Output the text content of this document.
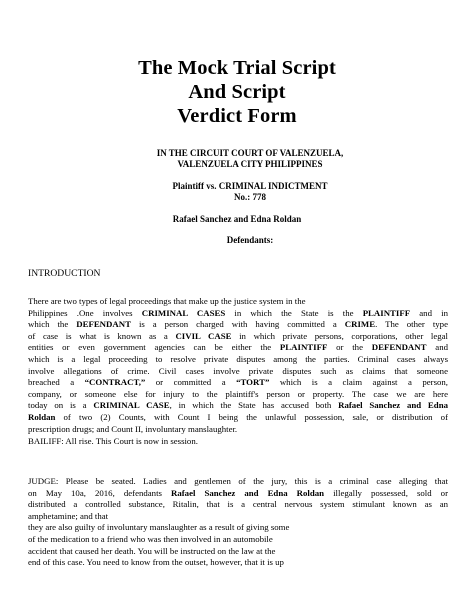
The Mock Trial Script
And Script
Verdict Form
IN THE CIRCUIT COURT OF VALENZUELA,
VALENZUELA CITY PHILIPPINES
Plaintiff vs. CRIMINAL INDICTMENT
No.: 778
Rafael Sanchez and Edna Roldan
Defendants:
INTRODUCTION
There are two types of legal proceedings that make up the justice system in the
Philippines .One involves CRIMINAL CASES in which the State is the PLAINTIFF and in
which the DEFENDANT is a person charged with having committed a CRIME. The other type
of case is what is known as a CIVIL CASE in which private persons, corporations, other legal
entities or even government agencies can be either the PLAINTIFF or the DEFENDANT and
which is a legal proceeding to resolve private disputes among the parties. Criminal cases always
involve allegations of crime. Civil cases involve private disputes such as claims that someone
breached a “CONTRACT,” or committed a “TORT” which is a claim against a person,
company, or someone else for injury to the plaintiff's person or property. The case we are here
today on is a CRIMINAL CASE, in which the State has accused both Rafael Sanchez and Edna
Roldan of two (2) Counts, with Count I being the unlawful possession, sale, or distribution of
prescription drugs; and Count II, involuntary manslaughter.
BAILIFF: All rise. This Court is now in session.
JUDGE: Please be seated. Ladies and gentlemen of the jury, this is a criminal case alleging that
on May 10a, 2016, defendants Rafael Sanchez and Edna Roldan illegally possessed, sold or
distributed a controlled substance, Ritalin, that is a central nervous system stimulant known as an
amphetamine; and that
they are also guilty of involuntary manslaughter as a result of giving some
of the medication to a friend who was then involved in an automobile
accident that caused her death. You will be instructed on the law at the
end of this case. You need to know from the outset, however, that it is up
